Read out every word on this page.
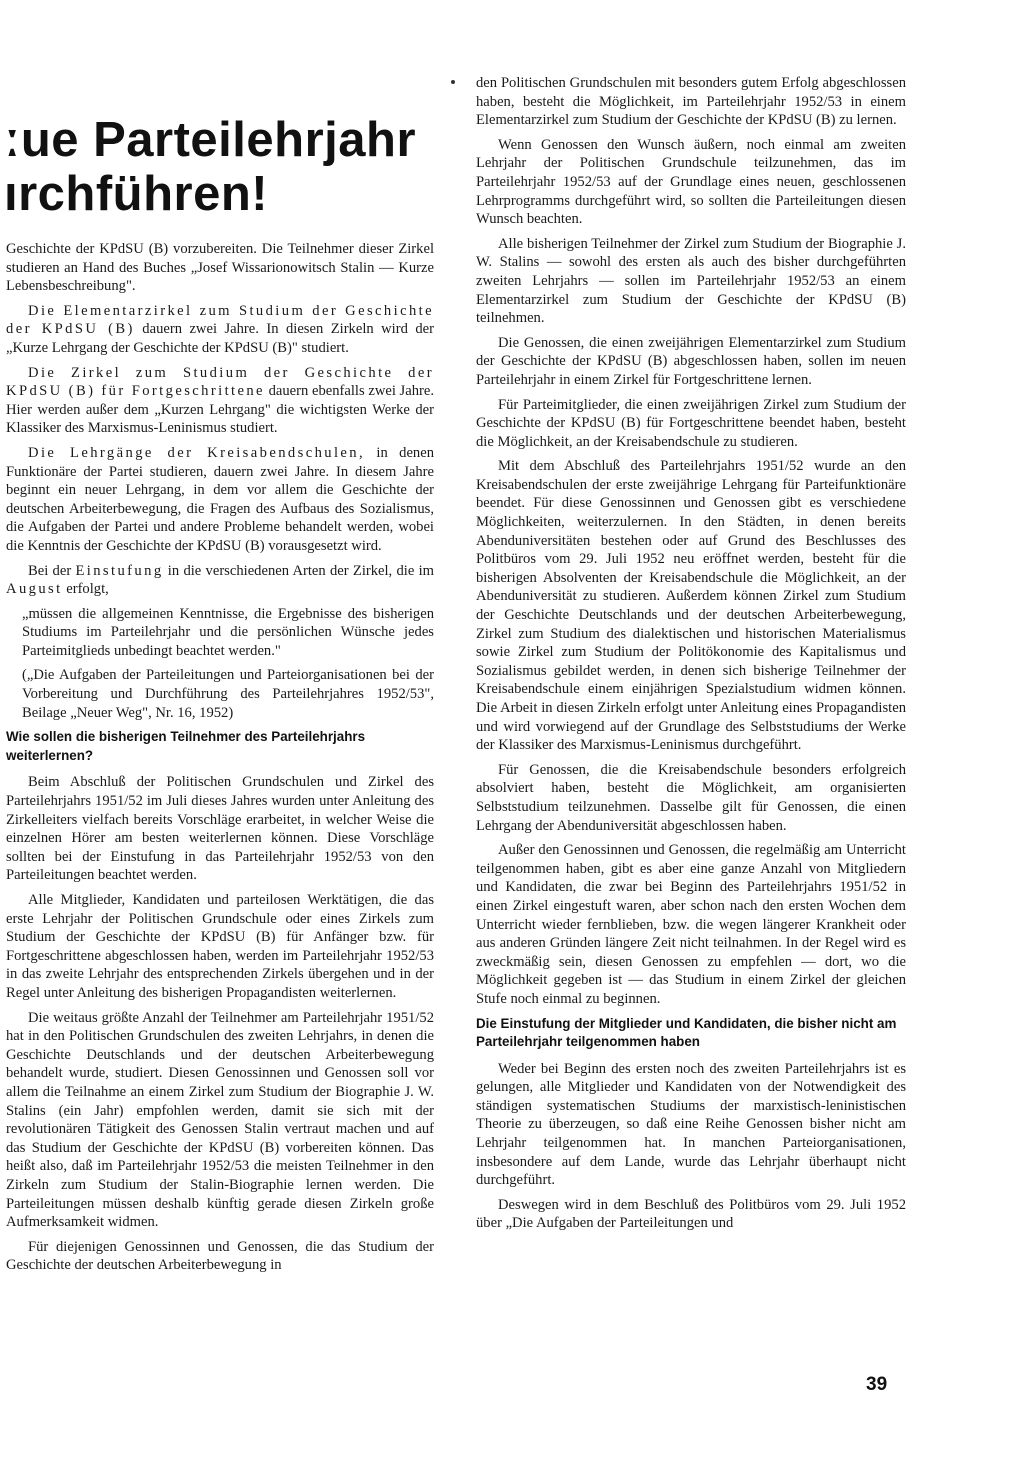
ːue Parteilehrjahr
ırchführen!

Geschichte der KPdSU (B) vorzubereiten. Die Teilnehmer dieser Zirkel studieren an Hand des Buches „Josef Wissarionowitsch Stalin — Kurze Lebensbeschreibung".

Die Elementarzirkel zum Studium der Geschichte der KPdSU (B) dauern zwei Jahre. In diesen Zirkeln wird der „Kurze Lehrgang der Geschichte der KPdSU (B)" studiert.

Die Zirkel zum Studium der Geschichte der KPdSU (B) für Fortgeschrittene dauern ebenfalls zwei Jahre. Hier werden außer dem „Kurzen Lehrgang" die wichtigsten Werke der Klassiker des Marxismus-Leninismus studiert.

Die Lehrgänge der Kreisabendschulen, in denen Funktionäre der Partei studieren, dauern zwei Jahre. In diesem Jahre beginnt ein neuer Lehrgang, in dem vor allem die Geschichte der deutschen Arbeiterbewegung, die Fragen des Aufbaus des Sozialismus, die Aufgaben der Partei und andere Probleme behandelt werden, wobei die Kenntnis der Geschichte der KPdSU (B) vorausgesetzt wird.

Bei der Einstufung in die verschiedenen Arten der Zirkel, die im August erfolgt,

„müssen die allgemeinen Kenntnisse, die Ergebnisse des bisherigen Studiums im Parteilehrjahr und die persönlichen Wünsche jedes Parteimitglieds unbedingt beachtet werden."

(„Die Aufgaben der Parteileitungen und Parteiorganisationen bei der Vorbereitung und Durchführung des Parteilehrjahres 1952/53", Beilage „Neuer Weg", Nr. 16, 1952)

Wie sollen die bisherigen Teilnehmer des Parteilehrjahrs weiterlernen?

Beim Abschluß der Politischen Grundschulen und Zirkel des Parteilehrjahrs 1951/52 im Juli dieses Jahres wurden unter Anleitung des Zirkelleiters vielfach bereits Vorschläge erarbeitet, in welcher Weise die einzelnen Hörer am besten weiterlernen können. Diese Vorschläge sollten bei der Einstufung in das Parteilehrjahr 1952/53 von den Parteileitungen beachtet werden.

Alle Mitglieder, Kandidaten und parteilosen Werktätigen, die das erste Lehrjahr der Politischen Grundschule oder eines Zirkels zum Studium der Geschichte der KPdSU (B) für Anfänger bzw. für Fortgeschrittene abgeschlossen haben, werden im Parteilehrjahr 1952/53 in das zweite Lehrjahr des entsprechenden Zirkels übergehen und in der Regel unter Anleitung des bisherigen Propagandisten weiterlernen.

Die weitaus größte Anzahl der Teilnehmer am Parteilehrjahr 1951/52 hat in den Politischen Grundschulen des zweiten Lehrjahrs, in denen die Geschichte Deutschlands und der deutschen Arbeiterbewegung behandelt wurde, studiert. Diesen Genossinnen und Genossen soll vor allem die Teilnahme an einem Zirkel zum Studium der Biographie J. W. Stalins (ein Jahr) empfohlen werden, damit sie sich mit der revolutionären Tätigkeit des Genossen Stalin vertraut machen und auf das Studium der Geschichte der KPdSU (B) vorbereiten können. Das heißt also, daß im Parteilehrjahr 1952/53 die meisten Teilnehmer in den Zirkeln zum Studium der Stalin-Biographie lernen werden. Die Parteileitungen müssen deshalb künftig gerade diesen Zirkeln große Aufmerksamkeit widmen.

Für diejenigen Genossinnen und Genossen, die das Studium der Geschichte der deutschen Arbeiterbewegung in

den Politischen Grundschulen mit besonders gutem Erfolg abgeschlossen haben, besteht die Möglichkeit, im Parteilehrjahr 1952/53 in einem Elementarzirkel zum Studium der Geschichte der KPdSU (B) zu lernen.

Wenn Genossen den Wunsch äußern, noch einmal am zweiten Lehrjahr der Politischen Grundschule teilzunehmen, das im Parteilehrjahr 1952/53 auf der Grundlage eines neuen, geschlossenen Lehrprogramms durchgeführt wird, so sollten die Parteileitungen diesen Wunsch beachten.

Alle bisherigen Teilnehmer der Zirkel zum Studium der Biographie J. W. Stalins — sowohl des ersten als auch des bisher durchgeführten zweiten Lehrjahrs — sollen im Parteilehrjahr 1952/53 an einem Elementarzirkel zum Studium der Geschichte der KPdSU (B) teilnehmen.

Die Genossen, die einen zweijährigen Elementarzirkel zum Studium der Geschichte der KPdSU (B) abgeschlossen haben, sollen im neuen Parteilehrjahr in einem Zirkel für Fortgeschrittene lernen.

Für Parteimitglieder, die einen zweijährigen Zirkel zum Studium der Geschichte der KPdSU (B) für Fortgeschrittene beendet haben, besteht die Möglichkeit, an der Kreisabendschule zu studieren.

Mit dem Abschluß des Parteilehrjahrs 1951/52 wurde an den Kreisabendschulen der erste zweijährige Lehrgang für Parteifunktionäre beendet. Für diese Genossinnen und Genossen gibt es verschiedene Möglichkeiten, weiterzulernen. In den Städten, in denen bereits Abenduniversitäten bestehen oder auf Grund des Beschlusses des Politbüros vom 29. Juli 1952 neu eröffnet werden, besteht für die bisherigen Absolventen der Kreisabendschule die Möglichkeit, an der Abenduniversität zu studieren. Außerdem können Zirkel zum Studium der Geschichte Deutschlands und der deutschen Arbeiterbewegung, Zirkel zum Studium des dialektischen und historischen Materialismus sowie Zirkel zum Studium der Politökonomie des Kapitalismus und Sozialismus gebildet werden, in denen sich bisherige Teilnehmer der Kreisabendschule einem einjährigen Spezialstudium widmen können. Die Arbeit in diesen Zirkeln erfolgt unter Anleitung eines Propagandisten und wird vorwiegend auf der Grundlage des Selbststudiums der Werke der Klassiker des Marxismus-Leninismus durchgeführt.

Für Genossen, die die Kreisabendschule besonders erfolgreich absolviert haben, besteht die Möglichkeit, am organisierten Selbststudium teilzunehmen. Dasselbe gilt für Genossen, die einen Lehrgang der Abenduniversität abgeschlossen haben.

Außer den Genossinnen und Genossen, die regelmäßig am Unterricht teilgenommen haben, gibt es aber eine ganze Anzahl von Mitgliedern und Kandidaten, die zwar bei Beginn des Parteilehrjahrs 1951/52 in einen Zirkel eingestuft waren, aber schon nach den ersten Wochen dem Unterricht wieder fernblieben, bzw. die wegen längerer Krankheit oder aus anderen Gründen längere Zeit nicht teilnahmen. In der Regel wird es zweckmäßig sein, diesen Genossen zu empfehlen — dort, wo die Möglichkeit gegeben ist — das Studium in einem Zirkel der gleichen Stufe noch einmal zu beginnen.

Die Einstufung der Mitglieder und Kandidaten, die bisher nicht am Parteilehrjahr teilgenommen haben

Weder bei Beginn des ersten noch des zweiten Parteilehrjahrs ist es gelungen, alle Mitglieder und Kandidaten von der Notwendigkeit des ständigen systematischen Studiums der marxistisch-leninistischen Theorie zu überzeugen, so daß eine Reihe Genossen bisher nicht am Lehrjahr teilgenommen hat. In manchen Parteiorganisationen, insbesondere auf dem Lande, wurde das Lehrjahr überhaupt nicht durchgeführt.

Deswegen wird in dem Beschluß des Politbüros vom 29. Juli 1952 über „Die Aufgaben der Parteileitungen und

39
